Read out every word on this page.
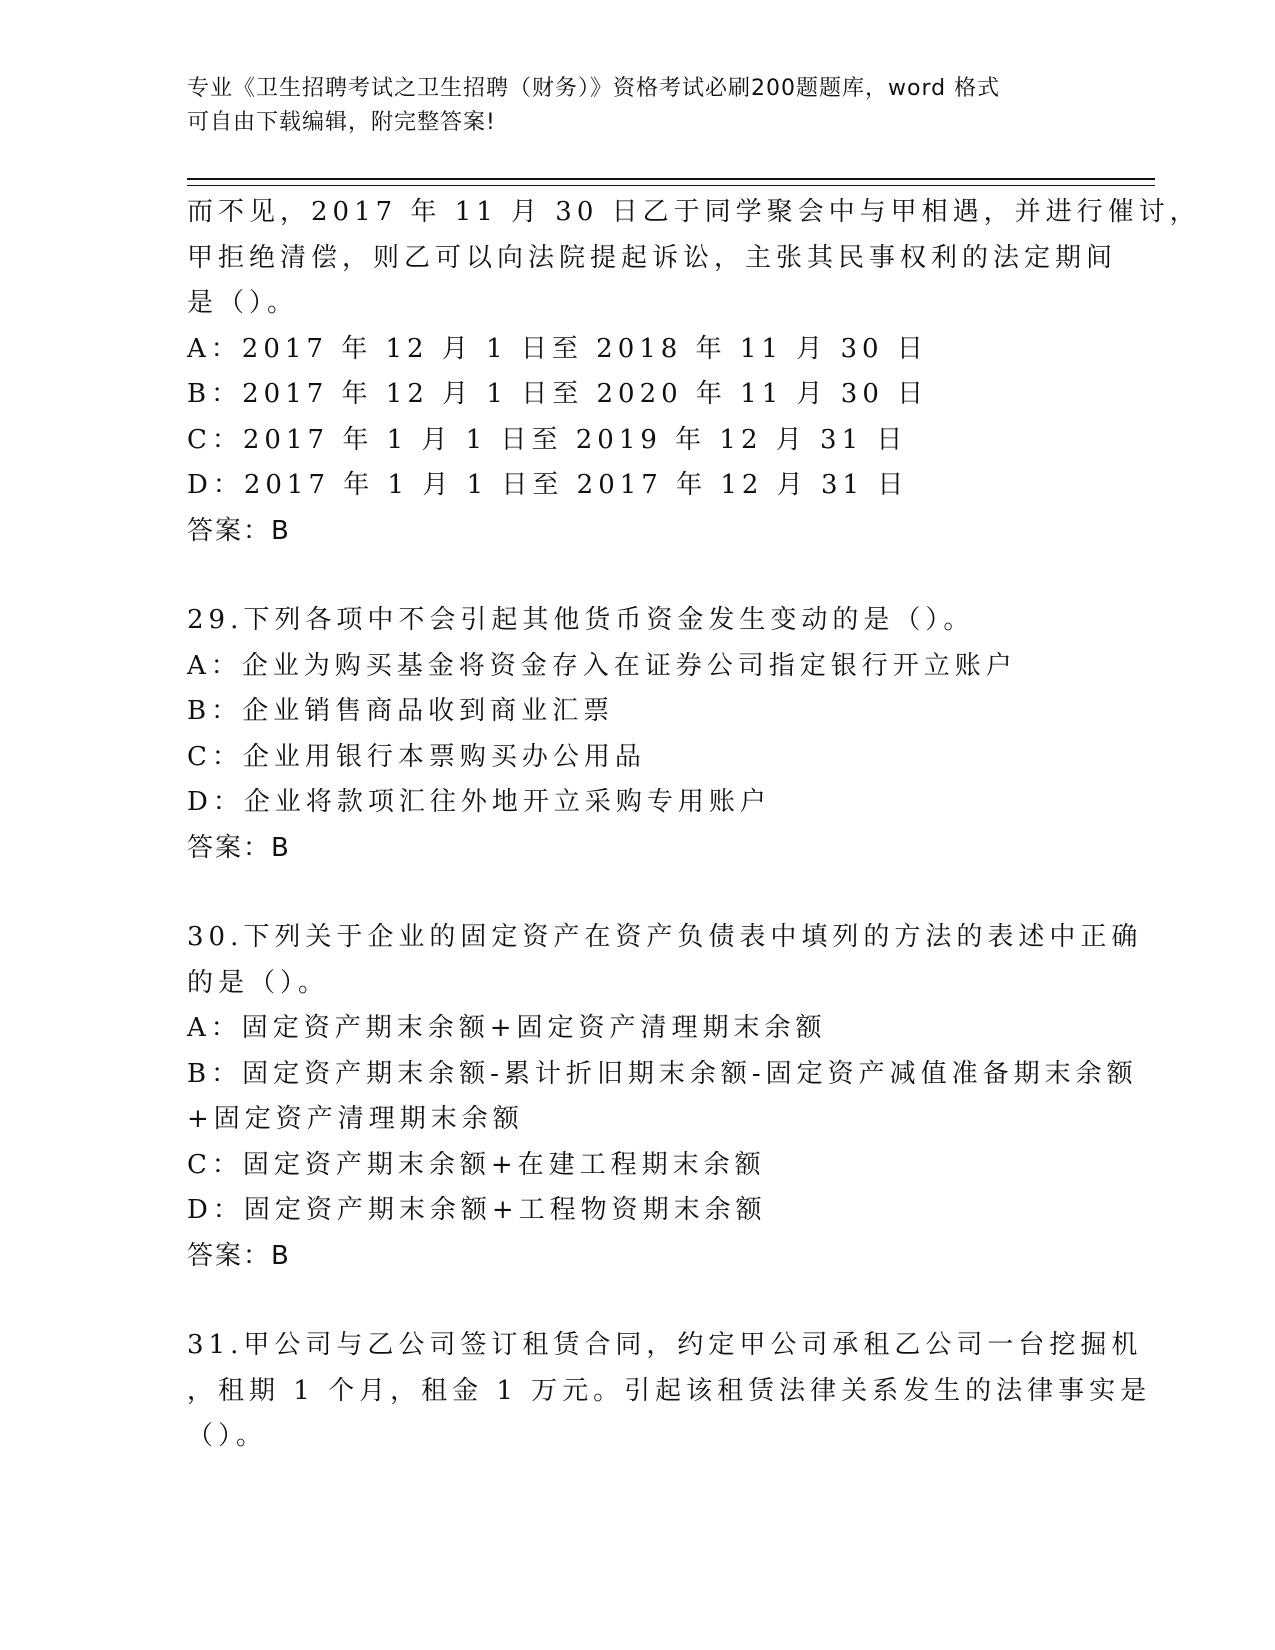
专业《卫生招聘考试之卫生招聘（财务）》资格考试必刷200题题库，word 格式
可自由下载编辑，附完整答案!
而不见，2017 年 11 月 30 日乙于同学聚会中与甲相遇，并进行催讨，
甲拒绝清偿，则乙可以向法院提起诉讼，主张其民事权利的法定期间
是（）。
A：2017 年 12 月 1 日至 2018 年 11 月 30 日
B：2017 年 12 月 1 日至 2020 年 11 月 30 日
C：2017 年 1 月 1 日至 2019 年 12 月 31 日
D：2017 年 1 月 1 日至 2017 年 12 月 31 日
答案：B
29.下列各项中不会引起其他货币资金发生变动的是（）。
A：企业为购买基金将资金存入在证券公司指定银行开立账户
B：企业销售商品收到商业汇票
C：企业用银行本票购买办公用品
D：企业将款项汇往外地开立采购专用账户
答案：B
30.下列关于企业的固定资产在资产负债表中填列的方法的表述中正确
的是（）。
A：固定资产期末余额+固定资产清理期末余额
B：固定资产期末余额-累计折旧期末余额-固定资产减值准备期末余额
+固定资产清理期末余额
C：固定资产期末余额+在建工程期末余额
D：固定资产期末余额+工程物资期末余额
答案：B
31.甲公司与乙公司签订租赁合同，约定甲公司承租乙公司一台挖掘机
，租期 1 个月，租金 1 万元。引起该租赁法律关系发生的法律事实是
（）。
